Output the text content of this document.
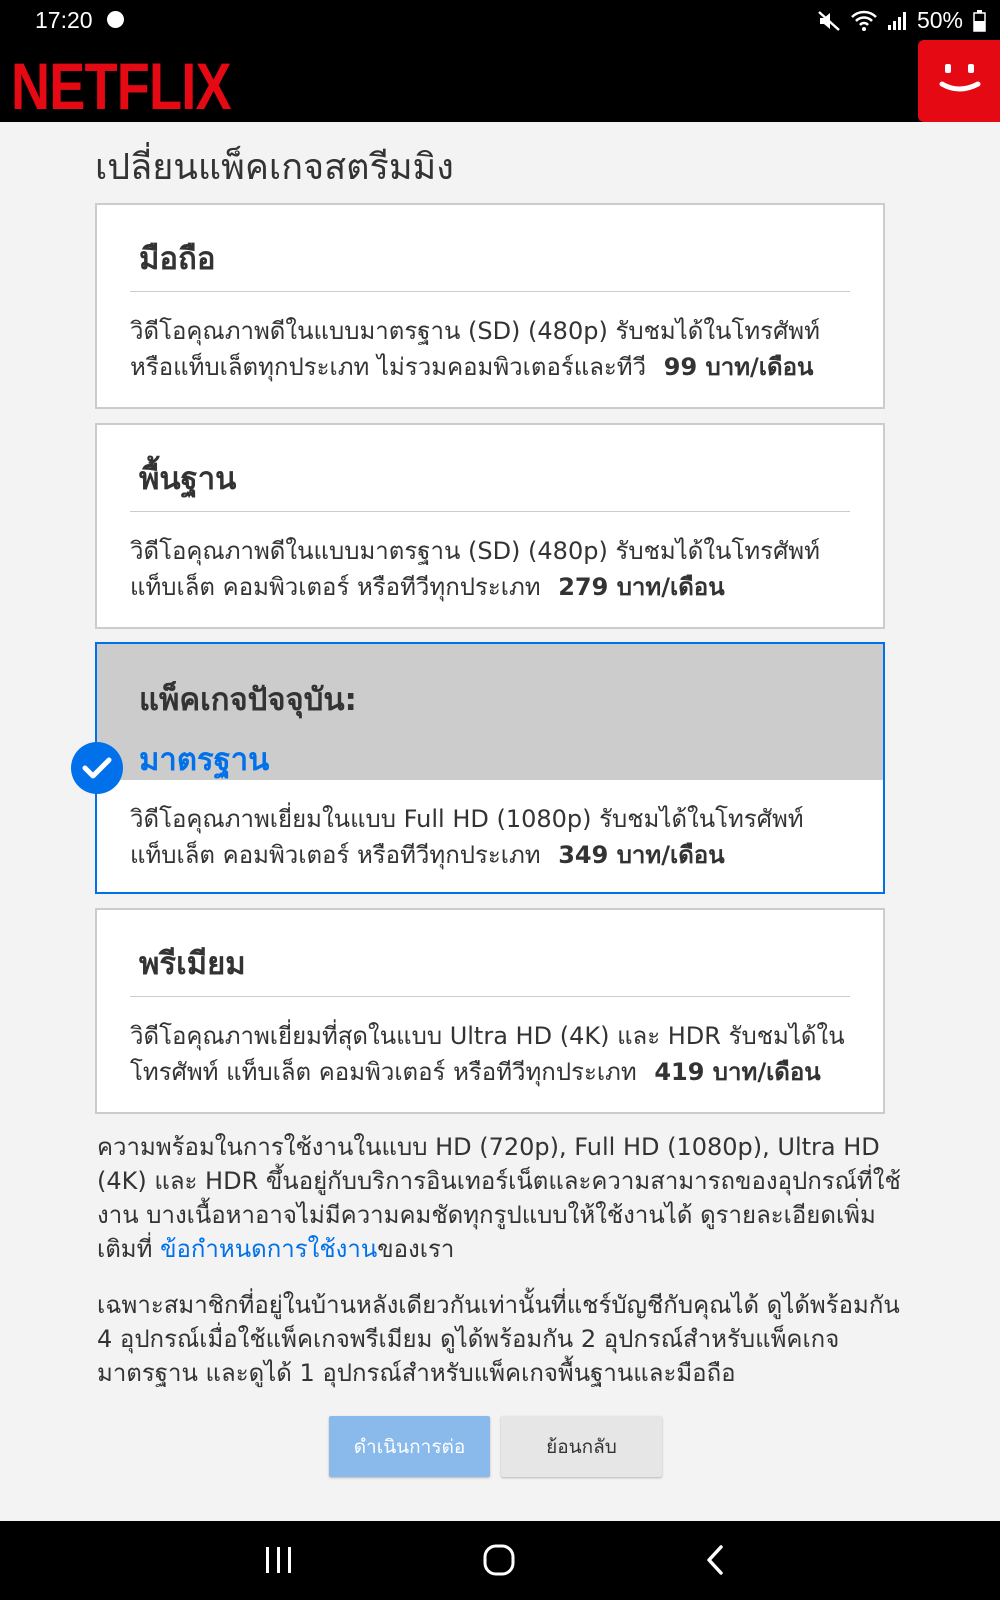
17:20	50%
NETFLIX
เปลี่ยนแพ็คเกจสตรีมมิง
มือถือ
วิดีโอคุณภาพดีในแบบมาตรฐาน (SD) (480p) รับชมได้ในโทรศัพท์ หรือแท็บเล็ตทุกประเภท ไม่รวมคอมพิวเตอร์และทีวี 99 บาท/เดือน
พื้นฐาน
วิดีโอคุณภาพดีในแบบมาตรฐาน (SD) (480p) รับชมได้ในโทรศัพท์ แท็บเล็ต คอมพิวเตอร์ หรือทีวีทุกประเภท 279 บาท/เดือน
แพ็คเกจปัจจุบัน:
มาตรฐาน
วิดีโอคุณภาพเยี่ยมในแบบ Full HD (1080p) รับชมได้ในโทรศัพท์ แท็บเล็ต คอมพิวเตอร์ หรือทีวีทุกประเภท 349 บาท/เดือน
พรีเมียม
วิดีโอคุณภาพเยี่ยมที่สุดในแบบ Ultra HD (4K) และ HDR รับชมได้ใน โทรศัพท์ แท็บเล็ต คอมพิวเตอร์ หรือทีวีทุกประเภท 419 บาท/เดือน
ความพร้อมในการใช้งานในแบบ HD (720p), Full HD (1080p), Ultra HD (4K) และ HDR ขึ้นอยู่กับบริการอินเทอร์เน็ตและความสามารถของอุปกรณ์ที่ใช้งาน บางเนื้อหาอาจไม่มีความคมชัดทุกรูปแบบให้ใช้งานได้ ดูรายละเอียดเพิ่มเติมที่ ข้อกำหนดการใช้งานของเรา
เฉพาะสมาชิกที่อยู่ในบ้านหลังเดียวกันเท่านั้นที่แชร์บัญชีกับคุณได้ ดูได้พร้อมกัน 4 อุปกรณ์เมื่อใช้แพ็คเกจพรีเมียม ดูได้พร้อมกัน 2 อุปกรณ์สำหรับแพ็คเกจมาตรฐาน และดูได้ 1 อุปกรณ์สำหรับแพ็คเกจพื้นฐานและมือถือ
ดำเนินการต่อ	ย้อนกลับ
